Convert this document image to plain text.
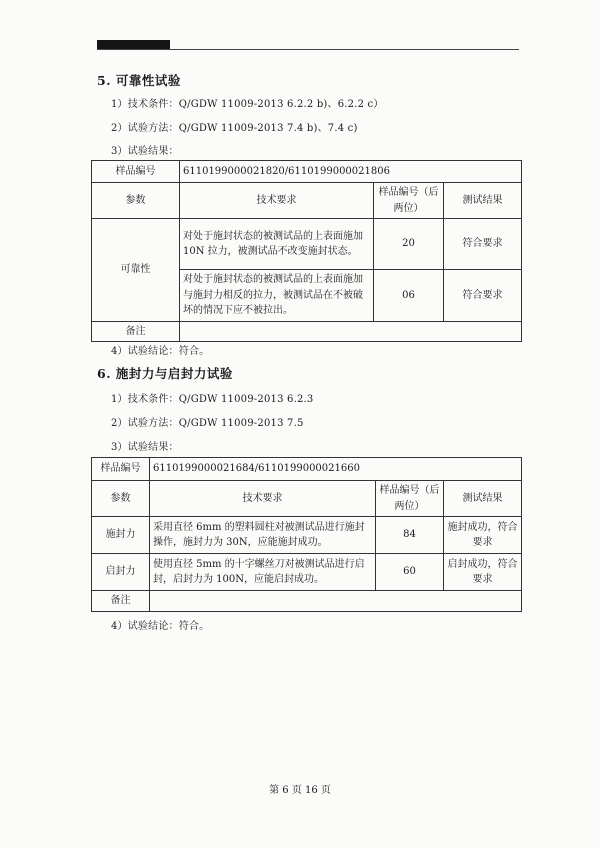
5. 可靠性试验
1）技术条件：Q/GDW 11009-2013 6.2.2 b)、6.2.2 c）
2）试验方法：Q/GDW 11009-2013 7.4 b)、7.4 c)
3）试验结果：
样品编号	6110199000021820/6110199000021806		
参数	技术要求	样品编号（后两位）	测试结果
可靠性	对处于施封状态的被测试品的上表面施加 10N 拉力，被测试品不改变施封状态。	20	符合要求
	对处于施封状态的被测试品的上表面施加与施封力相反的拉力，被测试品在不被破坏的情况下应不被拉出。	06	符合要求
备注			
4）试验结论：符合。
6. 施封力与启封力试验
1）技术条件：Q/GDW 11009-2013 6.2.3
2）试验方法：Q/GDW 11009-2013 7.5
3）试验结果：
样品编号	6110199000021684/6110199000021660		
参数	技术要求	样品编号（后两位）	测试结果
施封力	采用直径 6mm 的塑料圆柱对被测试品进行施封操作，施封力为 30N，应能施封成功。	84	施封成功，符合要求
启封力	使用直径 5mm 的十字螺丝刀对被测试品进行启封，启封力为 100N，应能启封成功。	60	启封成功，符合要求
备注			
4）试验结论：符合。
第 6 页 16 页
